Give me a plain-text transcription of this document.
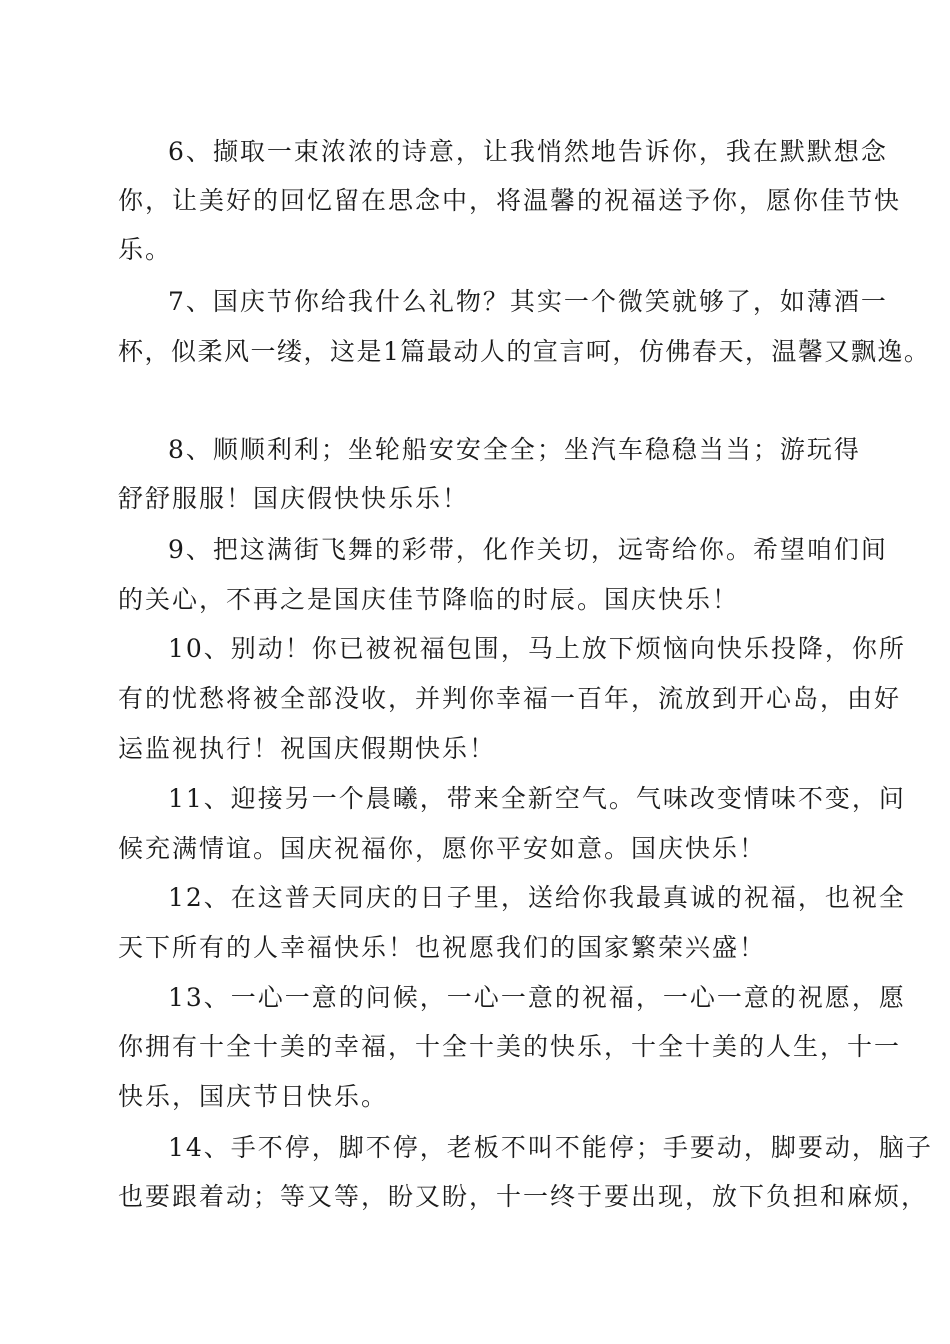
6、撷取一束浓浓的诗意，让我悄然地告诉你，我在默默想念
你，让美好的回忆留在思念中，将温馨的祝福送予你，愿你佳节快
乐。
7、国庆节你给我什么礼物？其实一个微笑就够了，如薄酒一
杯，似柔风一缕，这是1篇最动人的宣言呵，仿佛春天，温馨又飘逸。
8、顺顺利利；坐轮船安安全全；坐汽车稳稳当当；游玩得
舒舒服服！国庆假快快乐乐！
9、把这满街飞舞的彩带，化作关切，远寄给你。希望咱们间
的关心，不再之是国庆佳节降临的时辰。国庆快乐！
10、别动！你已被祝福包围，马上放下烦恼向快乐投降，你所
有的忧愁将被全部没收，并判你幸福一百年，流放到开心岛，由好
运监视执行！祝国庆假期快乐！
11、迎接另一个晨曦，带来全新空气。气味改变情味不变，问
候充满情谊。国庆祝福你，愿你平安如意。国庆快乐！
12、在这普天同庆的日子里，送给你我最真诚的祝福，也祝全
天下所有的人幸福快乐！也祝愿我们的国家繁荣兴盛！
13、一心一意的问候，一心一意的祝福，一心一意的祝愿，愿
你拥有十全十美的幸福，十全十美的快乐，十全十美的人生，十一
快乐，国庆节日快乐。
14、手不停，脚不停，老板不叫不能停；手要动，脚要动，脑子
也要跟着动；等又等，盼又盼，十一终于要出现，放下负担和麻烦，
